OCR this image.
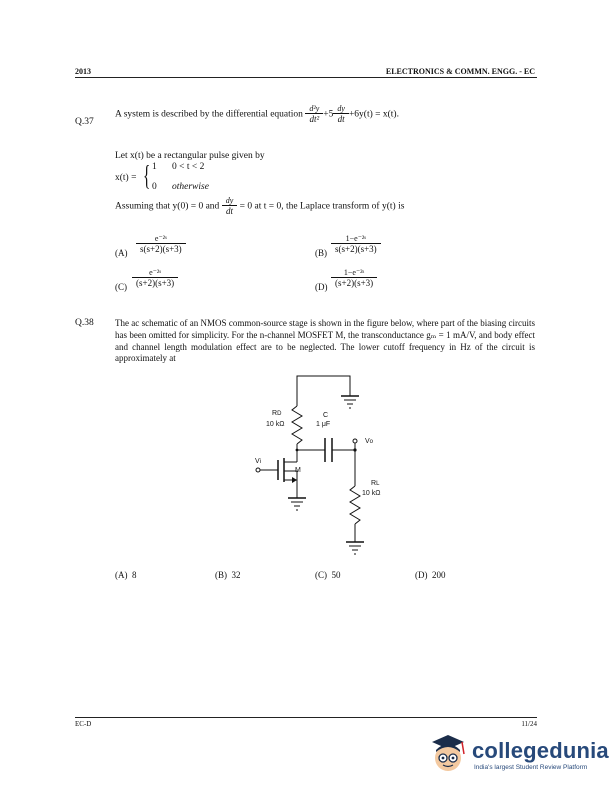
2013	ELECTRONICS & COMMN. ENGG. - EC
Q.37
A system is described by the differential equation $\frac{\text{d²y}}{\text{dt²}} +5 \frac{dy}{dt} +6y(t) = x(t)$.
Let x(t) be a rectangular pulse given by
x(t) = { 1 0 < t < 2
0 otherwise
Assuming that y(0) = 0 and $\frac{dy}{dt} = 0$ at t = 0, the Laplace transform of y(t) is
$(A) \frac{\text{e⁻²ˢ}}{s(s+2)(s+3)}$	$(B) \frac{\text{1−e⁻²ˢ}}{s(s+2)(s+3)}$
$(C) \frac{\text{e⁻²ˢ}}{(s+2)(s+3)}$	$(D) \frac{\text{1−e⁻²ˢ}}{(s+2)(s+3)}$
Q.38 The ac schematic of an NMOS common-source stage is shown in the figure below, where part of the biasing circuits has been omitted for simplicity. For the n-channel MOSFET M, the transconductance gₘ = 1 mA/V, and body effect and channel length modulation effect are to be neglected. The lower cutoff frequency in Hz of the circuit is approximately at
RD
10 kΩ
C
1 μF
Vo
Vi
M
RL
10 kΩ
(A) 8	(B) 32	(C) 50	(D) 200
EC-D	11/24
collegedunia
India's largest Student Review Platform
